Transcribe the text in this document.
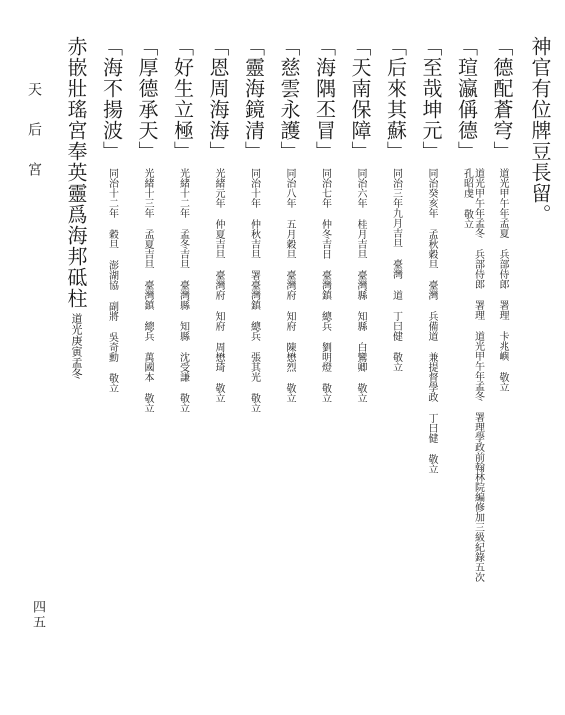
天后宮
四五
神官有位牌豆長留。
「德配蒼穹」道光甲午年孟夏 兵部侍郎 署理 卡兆嶼 敬立
「瑄瀛偁德」道光甲午年孟冬 兵部侍郎 署理 道光甲午年孟冬 署理學政前翰林院編修加三級紀錄五次 孔昭虔 敬立
「至哉坤元」同治癸亥年 孟秋穀旦 臺灣 兵備道 兼提督學政 丁曰健 敬立
「后來其蘇」同治三年九月吉旦 臺灣 道 丁曰健 敬立
「天南保障」同治六年 桂月吉旦 臺灣縣 知縣 白鸞卿 敬立
「海隅丕冒」同治七年 仲冬吉日 臺灣鎮 總兵 劉明燈 敬立
「慈雲永護」同治八年 五月穀旦 臺灣府 知府 陳懋烈 敬立
「靈海鏡清」同治十年 仲秋吉旦 署臺灣鎮 總兵 張其光 敬立
「恩周海海」光緒元年 仲夏吉旦 臺灣府 知府 周懋琦 敬立
「好生立極」光緒十二年 孟冬吉旦 臺灣縣 知縣 沈受謙 敬立
「厚德承天」光緒十三年 孟夏吉旦 臺灣鎮 總兵 萬國本 敬立
「海不揚波」同治十二年 穀旦 澎湖協 副將 吳奇勳 敬立
赤嵌壯瑤宮奉英靈爲海邦砥柱道光庚寅孟冬
